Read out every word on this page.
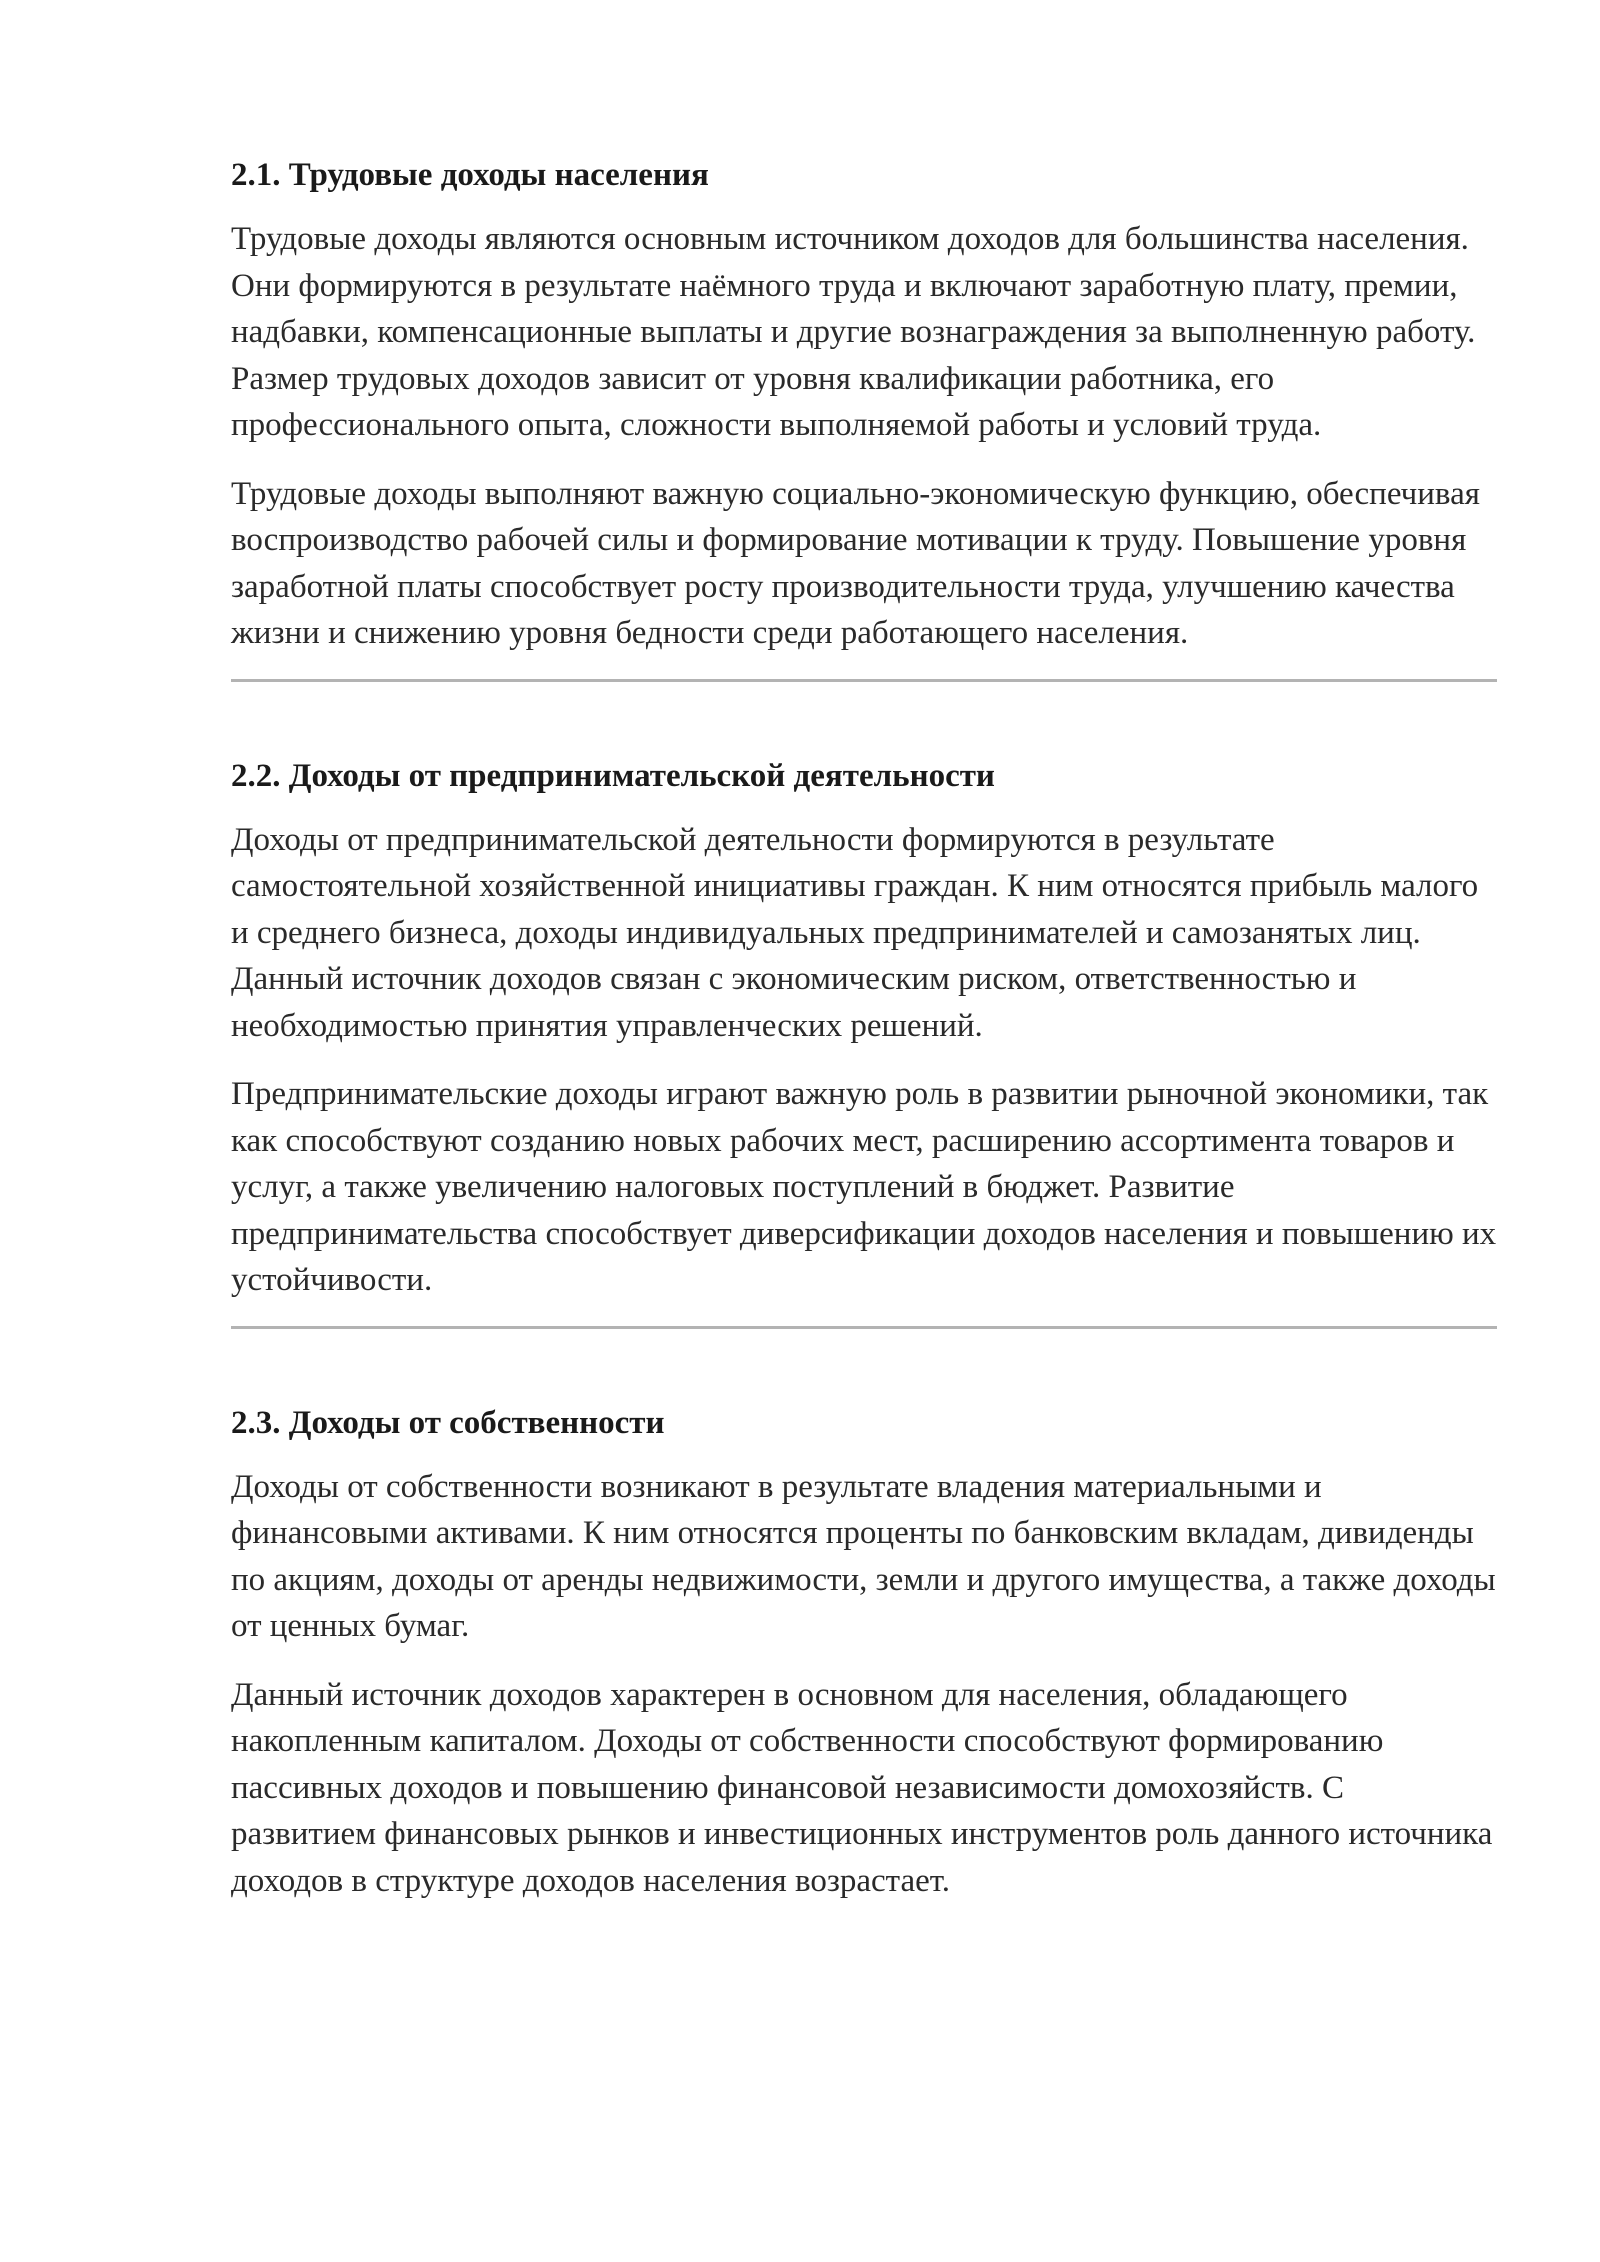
2.1. Трудовые доходы населения

Трудовые доходы являются основным источником доходов для большинства населения. Они формируются в результате наёмного труда и включают заработную плату, премии, надбавки, компенсационные выплаты и другие вознаграждения за выполненную работу. Размер трудовых доходов зависит от уровня квалификации работника, его профессионального опыта, сложности выполняемой работы и условий труда.

Трудовые доходы выполняют важную социально-экономическую функцию, обеспечивая воспроизводство рабочей силы и формирование мотивации к труду. Повышение уровня заработной платы способствует росту производительности труда, улучшению качества жизни и снижению уровня бедности среди работающего населения.

2.2. Доходы от предпринимательской деятельности

Доходы от предпринимательской деятельности формируются в результате самостоятельной хозяйственной инициативы граждан. К ним относятся прибыль малого и среднего бизнеса, доходы индивидуальных предпринимателей и самозанятых лиц. Данный источник доходов связан с экономическим риском, ответственностью и необходимостью принятия управленческих решений.

Предпринимательские доходы играют важную роль в развитии рыночной экономики, так как способствуют созданию новых рабочих мест, расширению ассортимента товаров и услуг, а также увеличению налоговых поступлений в бюджет. Развитие предпринимательства способствует диверсификации доходов населения и повышению их устойчивости.

2.3. Доходы от собственности

Доходы от собственности возникают в результате владения материальными и финансовыми активами. К ним относятся проценты по банковским вкладам, дивиденды по акциям, доходы от аренды недвижимости, земли и другого имущества, а также доходы от ценных бумаг.

Данный источник доходов характерен в основном для населения, обладающего накопленным капиталом. Доходы от собственности способствуют формированию пассивных доходов и повышению финансовой независимости домохозяйств. С развитием финансовых рынков и инвестиционных инструментов роль данного источника доходов в структуре доходов населения возрастает.
